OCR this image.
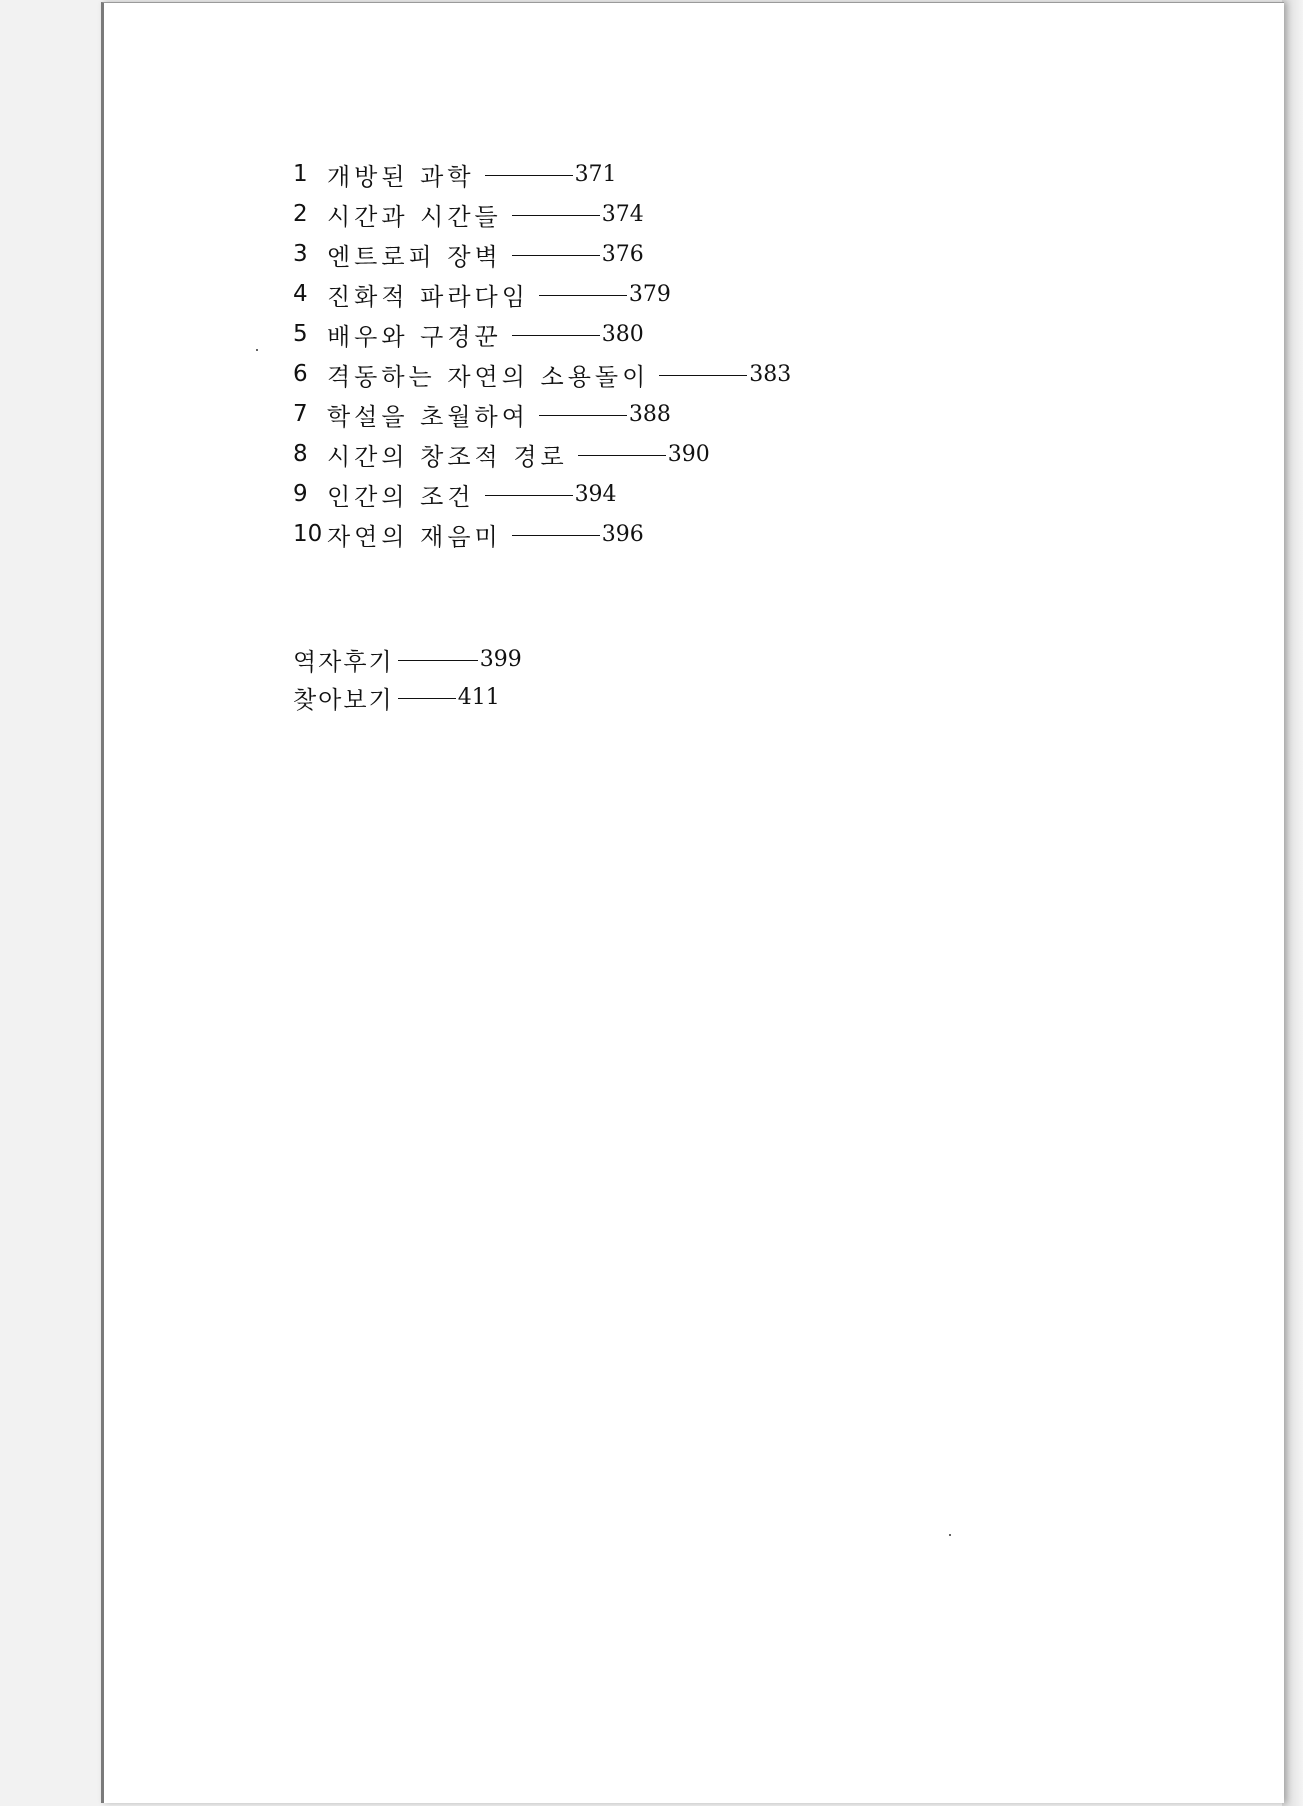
1 개방된 과학	371
2 시간과 시간들	374
3 엔트로피 장벽	376
4 진화적 파라다임	379
5 배우와 구경꾼	380
6 격동하는 자연의 소용돌이	383
7 학설을 초월하여	388
8 시간의 창조적 경로	390
9 인간의 조건	394
10 자연의 재음미	396
역자후기	399
찾아보기	411
